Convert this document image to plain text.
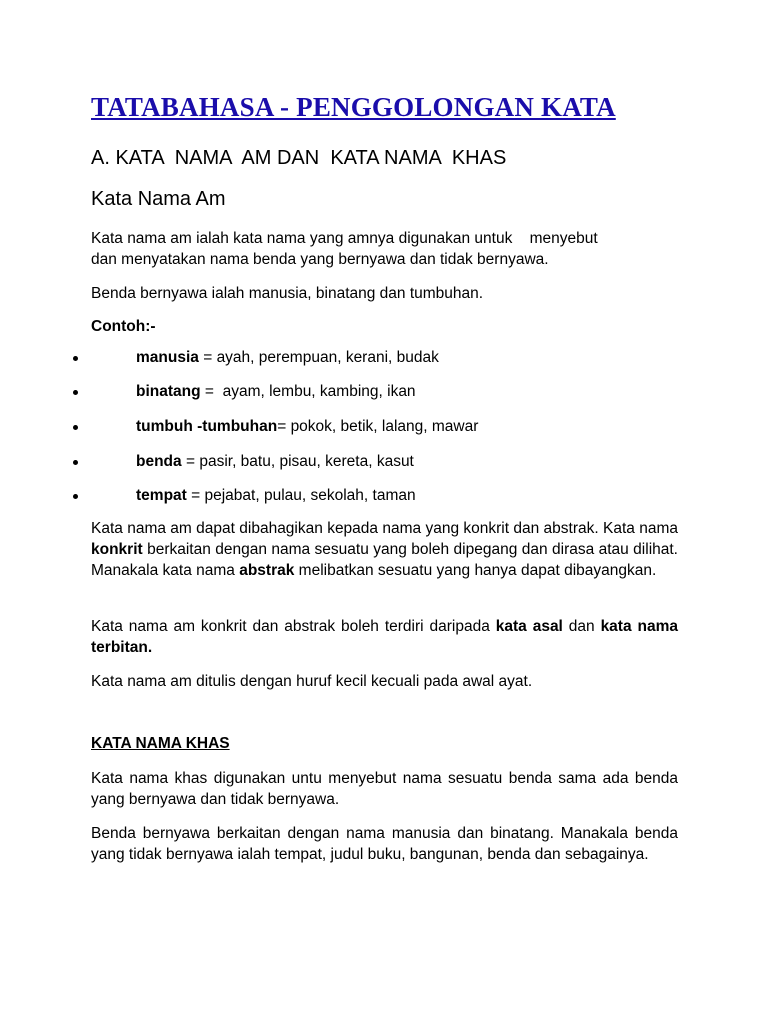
TATABAHASA - PENGGOLONGAN KATA
A. KATA  NAMA  AM DAN  KATA NAMA  KHAS
Kata Nama Am
Kata nama am ialah kata nama yang amnya digunakan untuk    menyebut
dan menyatakan nama benda yang bernyawa dan tidak bernyawa.

Benda bernyawa ialah manusia, binatang dan tumbuhan.

Contoh:-

manusia = ayah, perempuan, kerani, budak
binatang =  ayam, lembu, kambing, ikan
tumbuh -tumbuhan= pokok, betik, lalang, mawar
benda = pasir, batu, pisau, kereta, kasut
tempat = pejabat, pulau, sekolah, taman

Kata nama am dapat dibahagikan kepada nama yang konkrit dan abstrak. Kata nama konkrit berkaitan dengan nama sesuatu yang boleh dipegang dan dirasa atau dilihat. Manakala kata nama abstrak melibatkan sesuatu yang hanya dapat dibayangkan.

Kata nama am konkrit dan abstrak boleh terdiri daripada kata asal dan kata nama terbitan.

Kata nama am ditulis dengan huruf kecil kecuali pada awal ayat.

KATA NAMA KHAS

Kata nama khas digunakan untu menyebut nama sesuatu benda sama ada benda yang bernyawa dan tidak bernyawa.

Benda bernyawa berkaitan dengan nama manusia dan binatang. Manakala benda yang tidak bernyawa ialah tempat, judul buku, bangunan, benda dan sebagainya.
